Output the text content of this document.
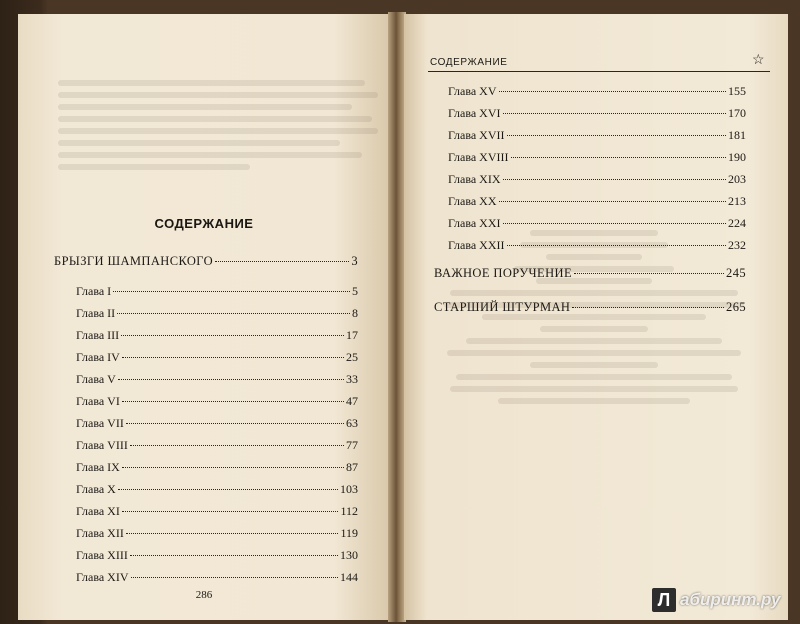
СОДЕРЖАНИЕ
БРЫЗГИ ШАМПАНСКОГО	3
Глава I	5
Глава II	8
Глава III	17
Глава IV	25
Глава V	33
Глава VI	47
Глава VII	63
Глава VIII	77
Глава IX	87
Глава X	103
Глава XI	112
Глава XII	119
Глава XIII	130
Глава XIV	144
286
СОДЕРЖАНИЕ	☆
Глава XV	155
Глава XVI	170
Глава XVII	181
Глава XVIII	190
Глава XIX	203
Глава XX	213
Глава XXI	224
Глава XXII	232
ВАЖНОЕ ПОРУЧЕНИЕ	245
СТАРШИЙ ШТУРМАН	265
Л абиринт.ру
